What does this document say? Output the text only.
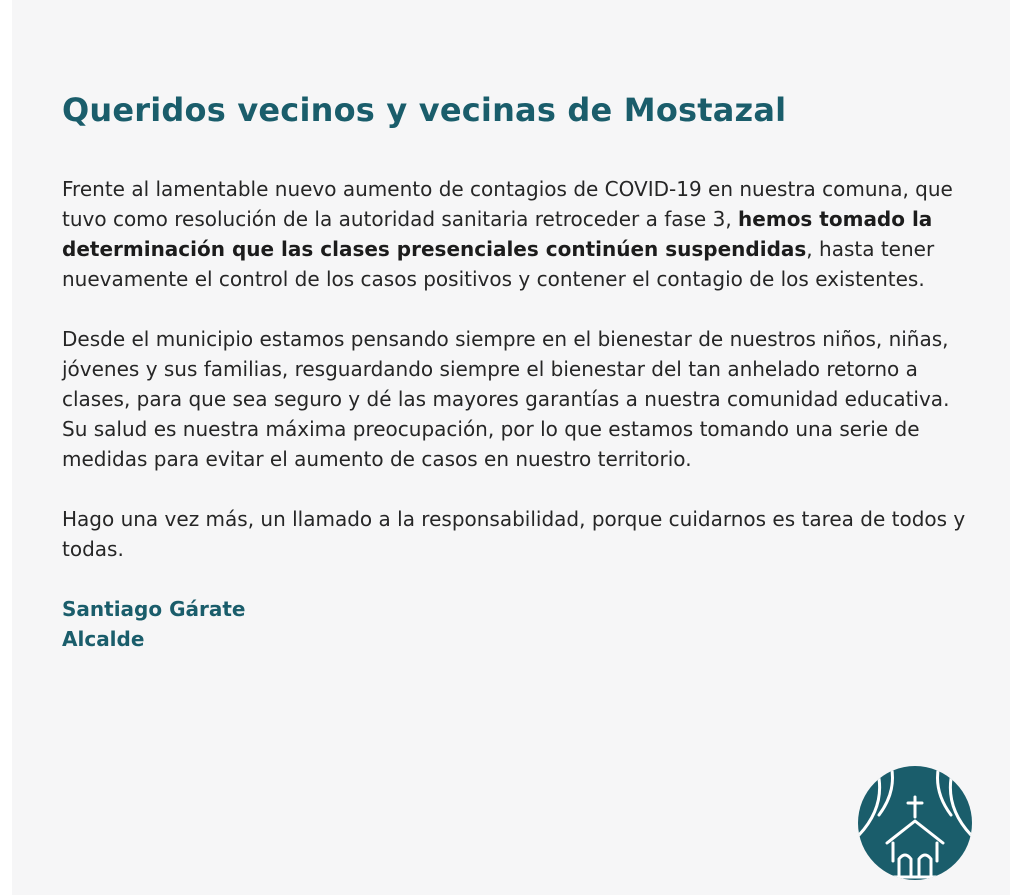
Queridos vecinos y vecinas de Mostazal

Frente al lamentable nuevo aumento de contagios de COVID-19 en nuestra comuna, que tuvo como resolución de la autoridad sanitaria retroceder a fase 3, hemos tomado la determinación que las clases presenciales continúen suspendidas, hasta tener nuevamente el control de los casos positivos y contener el contagio de los existentes.

Desde el municipio estamos pensando siempre en el bienestar de nuestros niños, niñas, jóvenes y sus familias, resguardando siempre el bienestar del tan anhelado retorno a clases, para que sea seguro y dé las mayores garantías a nuestra comunidad educativa. Su salud es nuestra máxima preocupación, por lo que estamos tomando una serie de medidas para evitar el aumento de casos en nuestro territorio.

Hago una vez más, un llamado a la responsabilidad, porque cuidarnos es tarea de todos y todas.

Santiago Gárate
Alcalde
